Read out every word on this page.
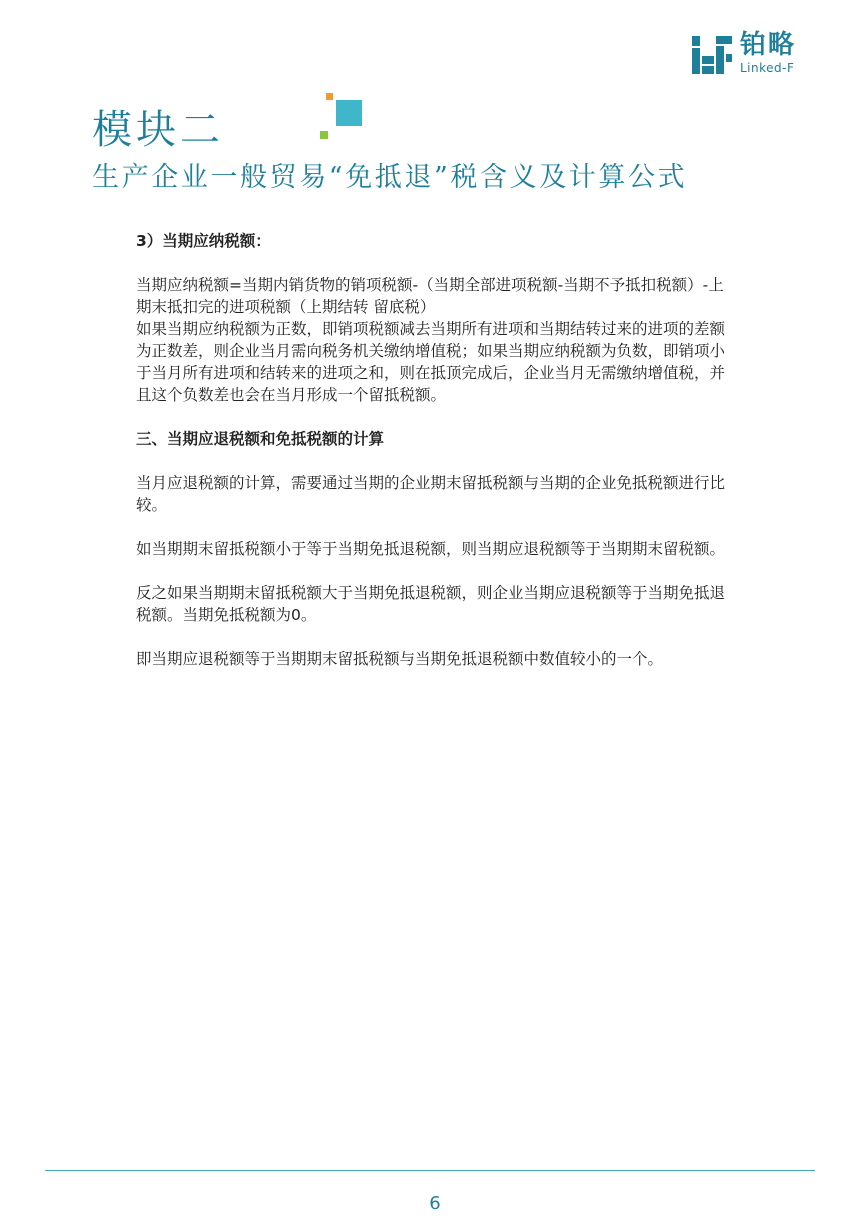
铂略
Linked-F
模块二
生产企业一般贸易“免抵退”税含义及计算公式
3）当期应纳税额：

当期应纳税额=当期内销货物的销项税额-（当期全部进项税额-当期不予抵扣税额）-上期末抵扣完的进项税额（上期结转 留底税）

如果当期应纳税额为正数，即销项税额减去当期所有进项和当期结转过来的进项的差额为正数差，则企业当月需向税务机关缴纳增值税；如果当期应纳税额为负数，即销项小于当月所有进项和结转来的进项之和，则在抵顶完成后，企业当月无需缴纳增值税，并且这个负数差也会在当月形成一个留抵税额。

三、当期应退税额和免抵税额的计算

当月应退税额的计算，需要通过当期的企业期末留抵税额与当期的企业免抵税额进行比较。

如当期期末留抵税额小于等于当期免抵退税额，则当期应退税额等于当期期末留税额。

反之如果当期期末留抵税额大于当期免抵退税额，则企业当期应退税额等于当期免抵退税额。当期免抵税额为0。

即当期应退税额等于当期期末留抵税额与当期免抵退税额中数值较小的一个。

6
